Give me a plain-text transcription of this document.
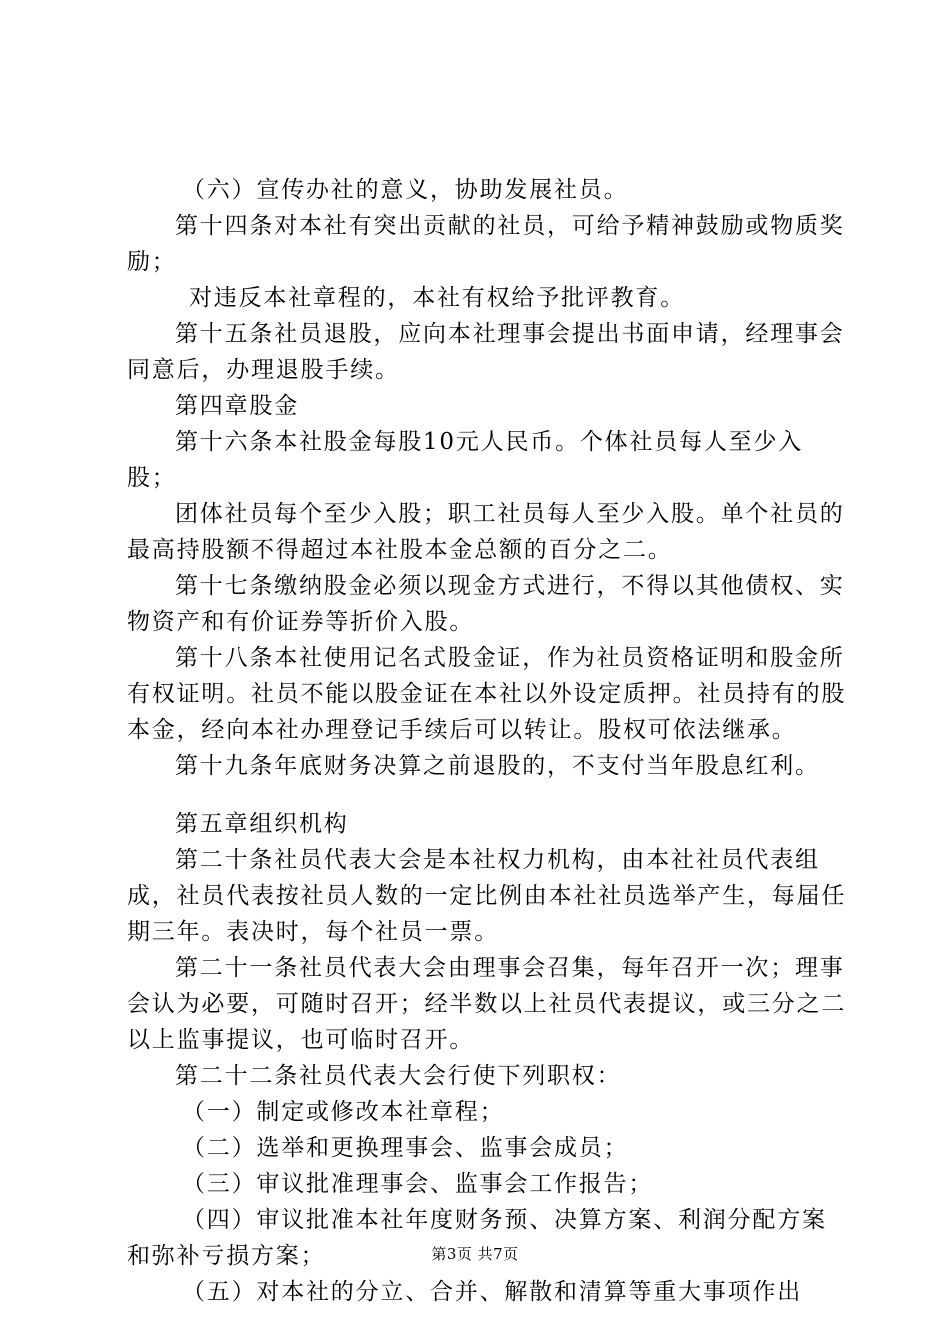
（六）宣传办社的意义，协助发展社员。

第十四条对本社有突出贡献的社员，可给予精神鼓励或物质奖励；

对违反本社章程的，本社有权给予批评教育。

第十五条社员退股，应向本社理事会提出书面申请，经理事会同意后，办理退股手续。

第四章股金

第十六条本社股金每股10元人民币。个体社员每人至少入股；

团体社员每个至少入股；职工社员每人至少入股。单个社员的最高持股额不得超过本社股本金总额的百分之二。

第十七条缴纳股金必须以现金方式进行，不得以其他债权、实物资产和有价证券等折价入股。

第十八条本社使用记名式股金证，作为社员资格证明和股金所有权证明。社员不能以股金证在本社以外设定质押。社员持有的股本金，经向本社办理登记手续后可以转让。股权可依法继承。

第十九条年底财务决算之前退股的，不支付当年股息红利。

第五章组织机构

第二十条社员代表大会是本社权力机构，由本社社员代表组成，社员代表按社员人数的一定比例由本社社员选举产生，每届任期三年。表决时，每个社员一票。

第二十一条社员代表大会由理事会召集，每年召开一次；理事会认为必要，可随时召开；经半数以上社员代表提议，或三分之二以上监事提议，也可临时召开。

第二十二条社员代表大会行使下列职权：

（一）制定或修改本社章程；

（二）选举和更换理事会、监事会成员；

（三）审议批准理事会、监事会工作报告；

（四）审议批准本社年度财务预、决算方案、利润分配方案和弥补亏损方案；

（五）对本社的分立、合并、解散和清算等重大事项作出

第3页 共7页
